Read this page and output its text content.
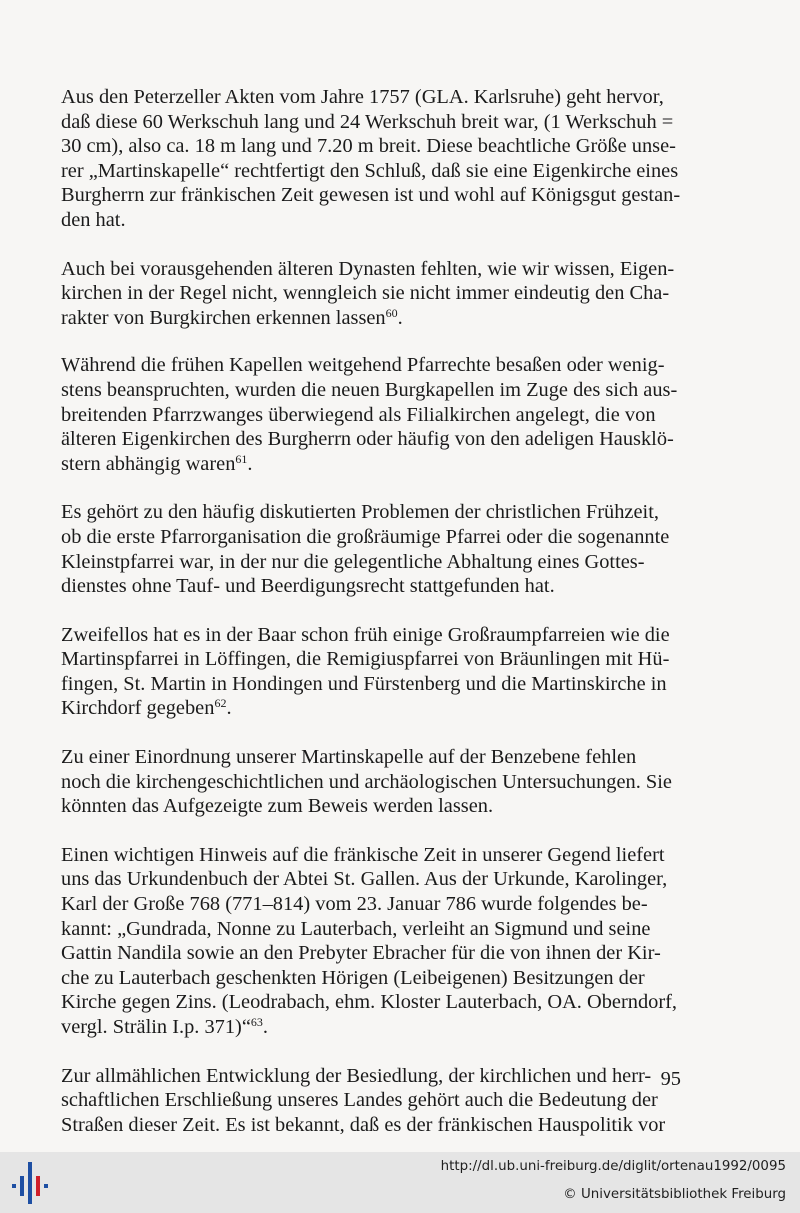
Aus den Peterzeller Akten vom Jahre 1757 (GLA. Karlsruhe) geht hervor,
daß diese 60 Werkschuh lang und 24 Werkschuh breit war, (1 Werkschuh =
30 cm), also ca. 18 m lang und 7.20 m breit. Diese beachtliche Größe unse-
rer „Martinskapelle“ rechtfertigt den Schluß, daß sie eine Eigenkirche eines
Burgherrn zur fränkischen Zeit gewesen ist und wohl auf Königsgut gestan-
den hat.

Auch bei vorausgehenden älteren Dynasten fehlten, wie wir wissen, Eigen-
kirchen in der Regel nicht, wenngleich sie nicht immer eindeutig den Cha-
rakter von Burgkirchen erkennen lassen$^{60}$.

Während die frühen Kapellen weitgehend Pfarrechte besaßen oder wenig-
stens beanspruchten, wurden die neuen Burgkapellen im Zuge des sich aus-
breitenden Pfarrzwanges überwiegend als Filialkirchen angelegt, die von
älteren Eigenkirchen des Burgherrn oder häufig von den adeligen Hausklö-
stern abhängig waren$^{61}$.

Es gehört zu den häufig diskutierten Problemen der christlichen Frühzeit,
ob die erste Pfarrorganisation die großräumige Pfarrei oder die sogenannte
Kleinstpfarrei war, in der nur die gelegentliche Abhaltung eines Gottes-
dienstes ohne Tauf- und Beerdigungsrecht stattgefunden hat.

Zweifellos hat es in der Baar schon früh einige Großraumpfarreien wie die
Martinspfarrei in Löffingen, die Remigiuspfarrei von Bräunlingen mit Hü-
fingen, St. Martin in Hondingen und Fürstenberg und die Martinskirche in
Kirchdorf gegeben$^{62}$.

Zu einer Einordnung unserer Martinskapelle auf der Benzebene fehlen
noch die kirchengeschichtlichen und archäologischen Untersuchungen. Sie
könnten das Aufgezeigte zum Beweis werden lassen.

Einen wichtigen Hinweis auf die fränkische Zeit in unserer Gegend liefert
uns das Urkundenbuch der Abtei St. Gallen. Aus der Urkunde, Karolinger,
Karl der Große 768 (771–814) vom 23. Januar 786 wurde folgendes be-
kannt: „Gundrada, Nonne zu Lauterbach, verleiht an Sigmund und seine
Gattin Nandila sowie an den Prebyter Ebracher für die von ihnen der Kir-
che zu Lauterbach geschenkten Hörigen (Leibeigenen) Besitzungen der
Kirche gegen Zins. (Leodrabach, ehm. Kloster Lauterbach, OA. Oberndorf,
vergl. Strälin I.p. 371)“$^{63}$.

Zur allmählichen Entwicklung der Besiedlung, der kirchlichen und herr-
schaftlichen Erschließung unseres Landes gehört auch die Bedeutung der
Straßen dieser Zeit. Es ist bekannt, daß es der fränkischen Hauspolitik vor

95
http://dl.ub.uni-freiburg.de/diglit/ortenau1992/0095
© Universitätsbibliothek Freiburg
